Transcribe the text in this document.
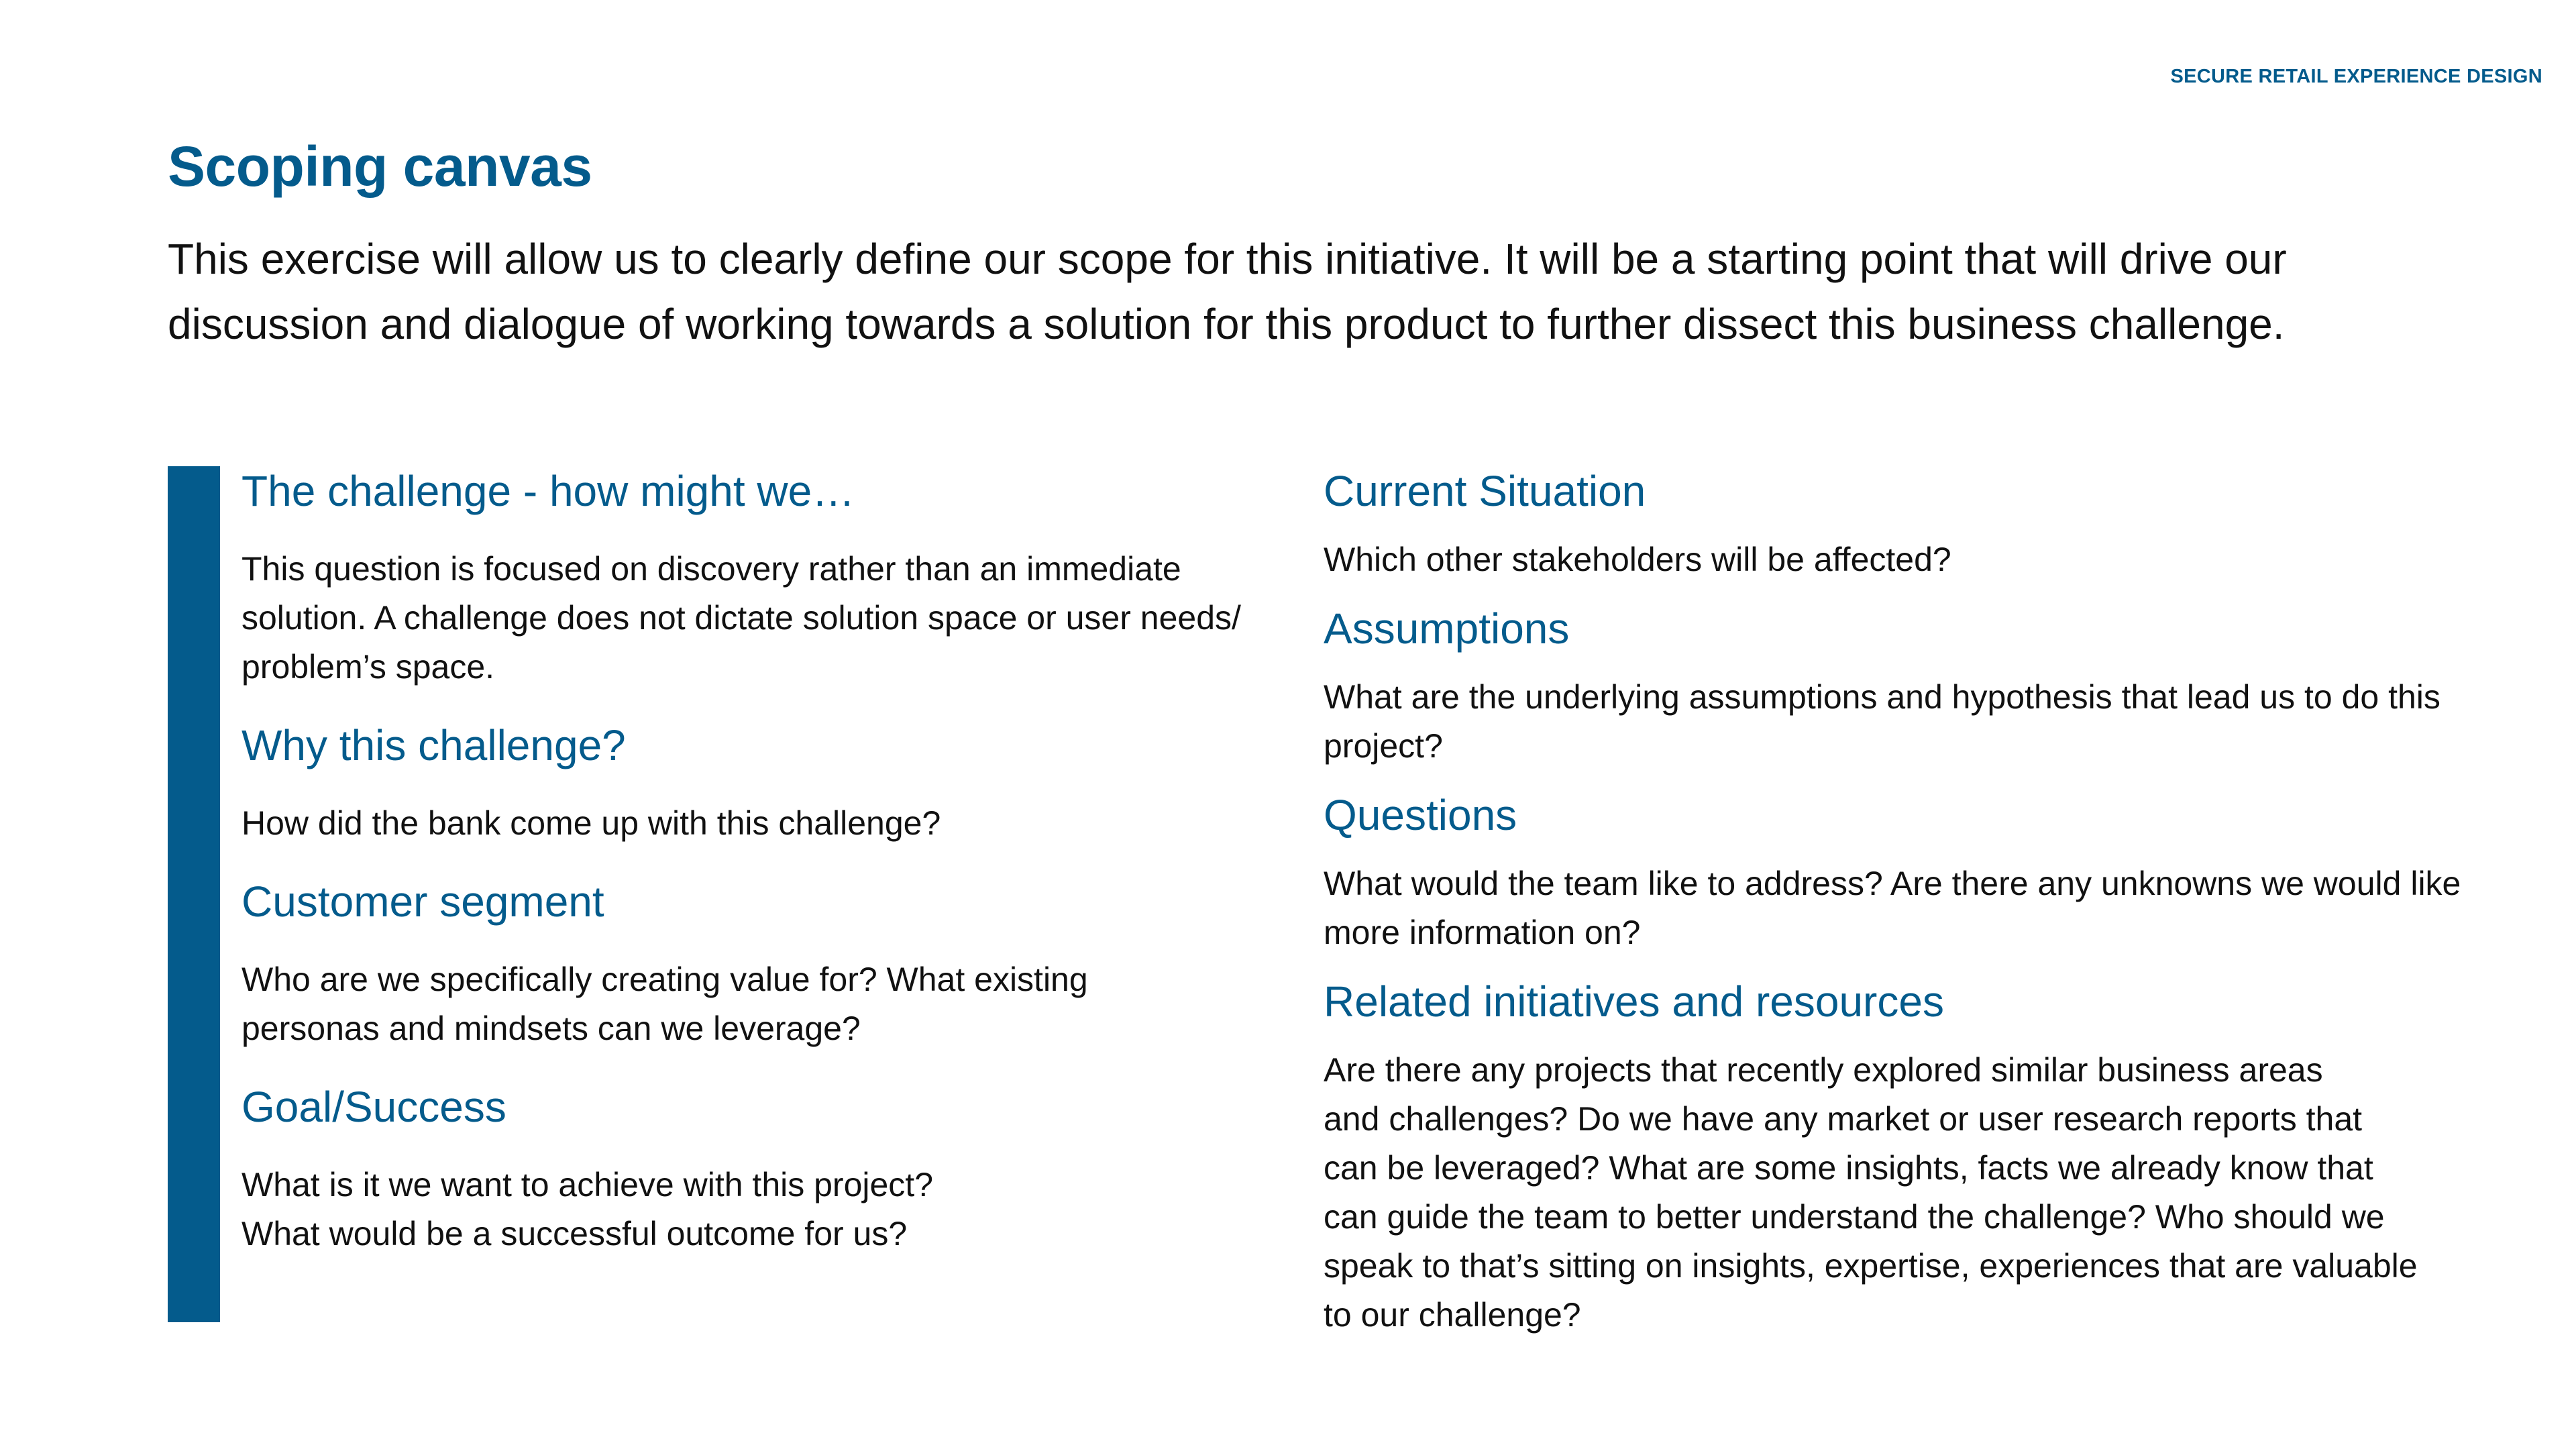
SECURE RETAIL EXPERIENCE DESIGN
Scoping canvas

This exercise will allow us to clearly define our scope for this initiative. It will be a starting point that will drive our discussion and dialogue of working towards a solution for this product to further dissect this business challenge.

The challenge - how might we…

This question is focused on discovery rather than an immediate
solution. A challenge does not dictate solution space or user needs/
problem’s space.

Why this challenge?

How did the bank come up with this challenge?

Customer segment

Who are we specifically creating value for? What existing
personas and mindsets can we leverage?

Goal/Success

What is it we want to achieve with this project?
What would be a successful outcome for us?

Current Situation

Which other stakeholders will be affected?

Assumptions

What are the underlying assumptions and hypothesis that lead us to do this
project?

Questions

What would the team like to address? Are there any unknowns we would like
more information on?

Related initiatives and resources

Are there any projects that recently explored similar business areas
and challenges? Do we have any market or user research reports that
can be leveraged? What are some insights, facts we already know that
can guide the team to better understand the challenge? Who should we
speak to that’s sitting on insights, expertise, experiences that are valuable
to our challenge?
